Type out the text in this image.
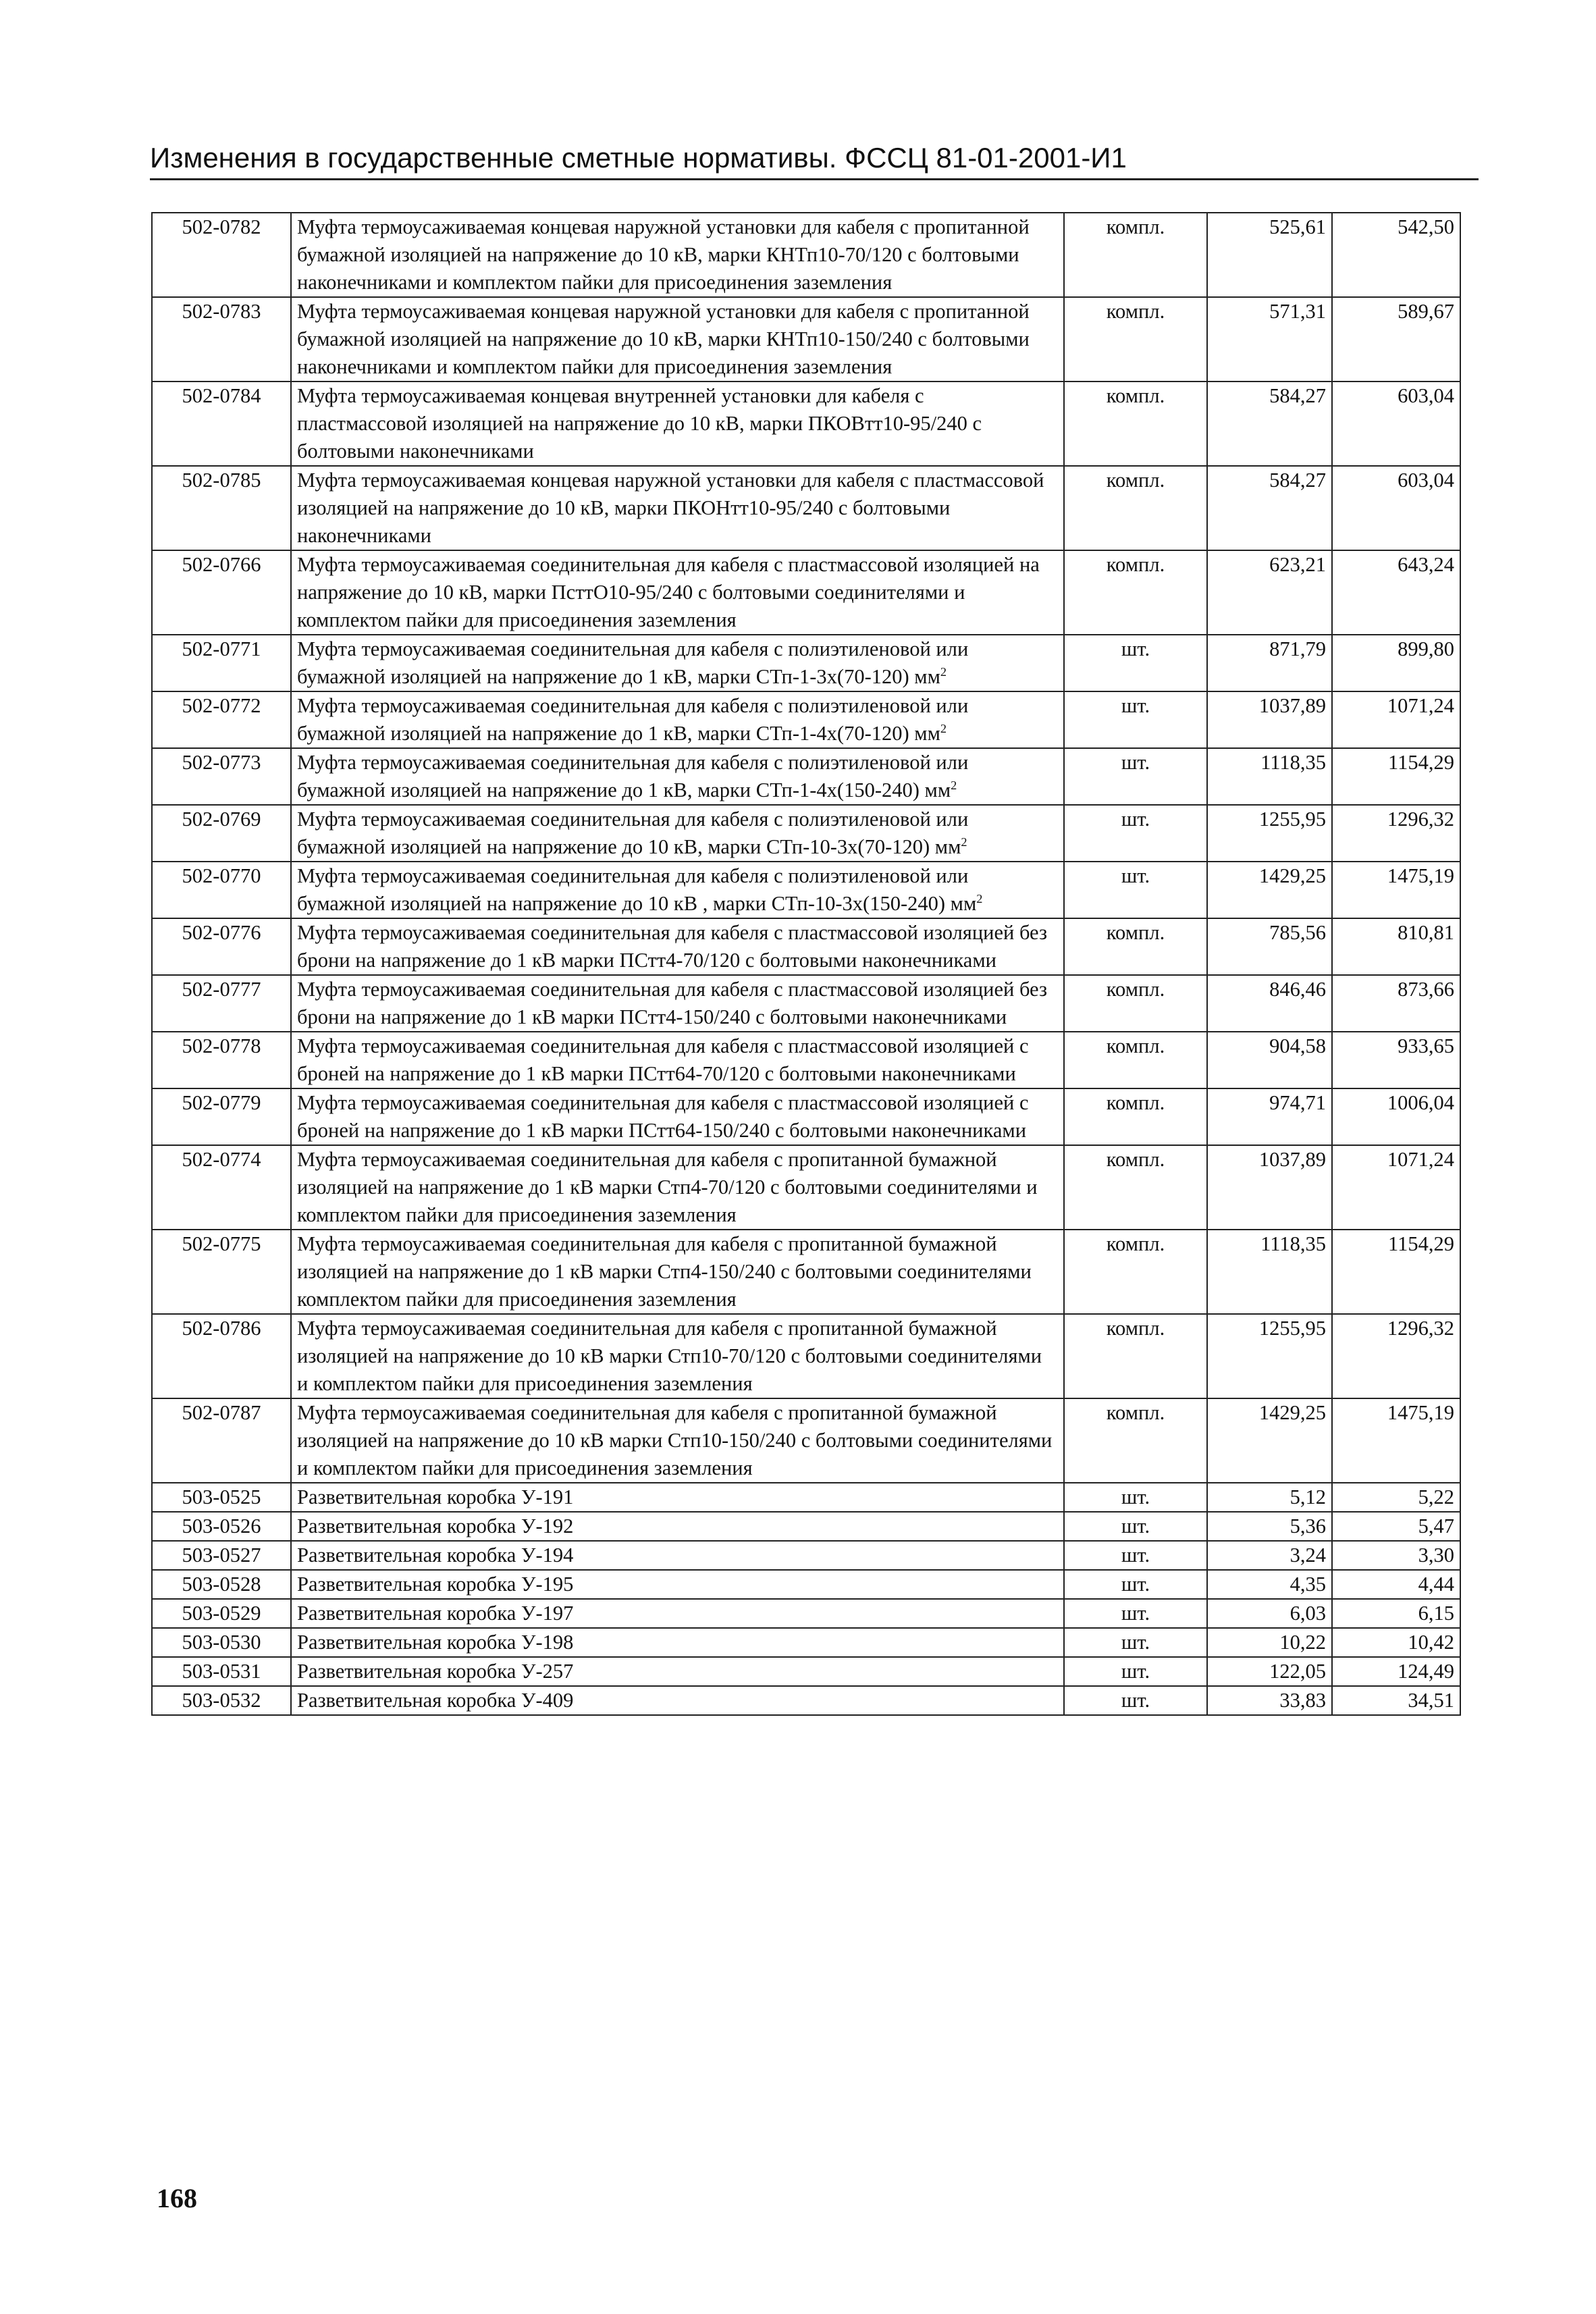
Изменения в государственные сметные нормативы. ФССЦ 81-01-2001-И1
502-0782	Муфта термоусаживаемая концевая наружной установки для кабеля с пропитанной бумажной изоляцией на напряжение до 10 кВ, марки КНТп10-70/120 с болтовыми наконечниками и комплектом пайки для присоединения заземления	компл.	525,61	542,50
502-0783	Муфта термоусаживаемая концевая наружной установки для кабеля с пропитанной бумажной изоляцией на напряжение до 10 кВ, марки КНТп10-150/240 с болтовыми наконечниками и комплектом пайки для присоединения заземления	компл.	571,31	589,67
502-0784	Муфта термоусаживаемая концевая внутренней установки для кабеля с пластмассовой изоляцией на напряжение до 10 кВ, марки ПКОВтт10-95/240 с болтовыми наконечниками	компл.	584,27	603,04
502-0785	Муфта термоусаживаемая концевая наружной установки для кабеля с пластмассовой изоляцией на напряжение до 10 кВ, марки ПКОНтт10-95/240 с болтовыми наконечниками	компл.	584,27	603,04
502-0766	Муфта термоусаживаемая соединительная для кабеля с пластмассовой изоляцией на напряжение до 10 кВ, марки ПсттО10-95/240 с болтовыми соединителями и комплектом пайки для присоединения заземления	компл.	623,21	643,24
502-0771	Муфта термоусаживаемая соединительная для кабеля с полиэтиленовой или бумажной изоляцией на напряжение до 1 кВ, марки СТп-1-3х(70-120) $мм^2$	шт.	871,79	899,80
502-0772	Муфта термоусаживаемая соединительная для кабеля с полиэтиленовой или бумажной изоляцией на напряжение до 1 кВ, марки СТп-1-4х(70-120) $мм^2$	шт.	1037,89	1071,24
502-0773	Муфта термоусаживаемая соединительная для кабеля с полиэтиленовой или бумажной изоляцией на напряжение до 1 кВ, марки СТп-1-4х(150-240) $мм^2$	шт.	1118,35	1154,29
502-0769	Муфта термоусаживаемая соединительная для кабеля с полиэтиленовой или бумажной изоляцией на напряжение до 10 кВ, марки СТп-10-3х(70-120) $мм^2$	шт.	1255,95	1296,32
502-0770	Муфта термоусаживаемая соединительная для кабеля с полиэтиленовой или бумажной изоляцией на напряжение до 10 кВ , марки СТп-10-3х(150-240) $мм^2$	шт.	1429,25	1475,19
502-0776	Муфта термоусаживаемая соединительная для кабеля с пластмассовой изоляцией без брони на напряжение до 1 кВ марки ПСтт4-70/120 с болтовыми наконечниками	компл.	785,56	810,81
502-0777	Муфта термоусаживаемая соединительная для кабеля с пластмассовой изоляцией без брони на напряжение до 1 кВ марки ПСтт4-150/240 с болтовыми наконечниками	компл.	846,46	873,66
502-0778	Муфта термоусаживаемая соединительная для кабеля с пластмассовой изоляцией с броней на напряжение до 1 кВ марки ПСтт64-70/120 с болтовыми наконечниками	компл.	904,58	933,65
502-0779	Муфта термоусаживаемая соединительная для кабеля с пластмассовой изоляцией с броней на напряжение до 1 кВ марки ПСтт64-150/240 с болтовыми наконечниками	компл.	974,71	1006,04
502-0774	Муфта термоусаживаемая соединительная для кабеля с пропитанной бумажной изоляцией на напряжение до 1 кВ марки Стп4-70/120 с болтовыми соединителями и комплектом пайки для присоединения заземления	компл.	1037,89	1071,24
502-0775	Муфта термоусаживаемая соединительная для кабеля с пропитанной бумажной изоляцией на напряжение до 1 кВ марки Стп4-150/240 с болтовыми соединителями комплектом пайки для присоединения заземления	компл.	1118,35	1154,29
502-0786	Муфта термоусаживаемая соединительная для кабеля с пропитанной бумажной изоляцией на напряжение до 10 кВ марки Стп10-70/120 с болтовыми соединителями и комплектом пайки для присоединения заземления	компл.	1255,95	1296,32
502-0787	Муфта термоусаживаемая соединительная для кабеля с пропитанной бумажной изоляцией на напряжение до 10 кВ марки Стп10-150/240 с болтовыми соединителями и комплектом пайки для присоединения заземления	компл.	1429,25	1475,19
503-0525	Разветвительная коробка У-191	шт.	5,12	5,22
503-0526	Разветвительная коробка У-192	шт.	5,36	5,47
503-0527	Разветвительная коробка У-194	шт.	3,24	3,30
503-0528	Разветвительная коробка У-195	шт.	4,35	4,44
503-0529	Разветвительная коробка У-197	шт.	6,03	6,15
503-0530	Разветвительная коробка У-198	шт.	10,22	10,42
503-0531	Разветвительная коробка У-257	шт.	122,05	124,49
503-0532	Разветвительная коробка У-409	шт.	33,83	34,51
168
